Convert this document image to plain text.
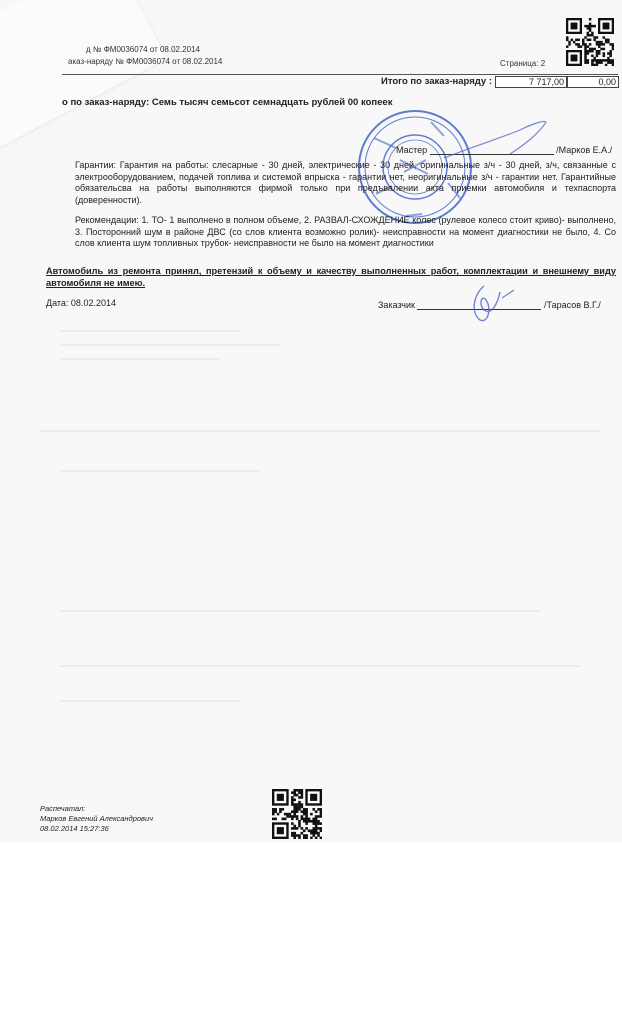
д № ФМ0036074 от 08.02.2014
аказ-наряду № ФМ0036074 от 08.02.2014	Страница: 2
Итого по заказ-наряду :	7 717,00	0,00
о по заказ-наряду: Семь тысяч семьсот семнадцать рублей 00 копеек
Мастер	/Марков Е.А./
Гарантии: Гарантия на работы: слесарные - 30 дней, электрические - 30 дней, оригинальные з/ч - 30 дней, з/ч, связанные с электрооборудованием, подачей топлива и системой впрыска - гарантии нет, неоригинальные з/ч - гарантии нет. Гарантийные обязательсва на работы выполняются фирмой только при предъвалении акта приемки автомобиля и техпаспорта (доверенности).
Рекомендации: 1. ТО- 1 выполнено в полном объеме, 2. РАЗВАЛ-СХОЖДЕНИЕ колес (рулевое колесо стоит криво)- выполнено, 3. Посторонний шум в районе ДВС (со слов клиента возможно ролик)- неисправности на момент диагностики не было, 4. Со слов клиента шум топливных трубок- неисправности не было на момент диагностики
Автомобиль из ремонта принял, претензий к объему и качеству выполненных работ, комплектации и внешнему виду автомобиля не имею.
Дата: 08.02.2014	Заказчик	/Тарасов В.Г./
Распечатал:
Марков Евгений Александрович
08.02.2014 15:27:36
